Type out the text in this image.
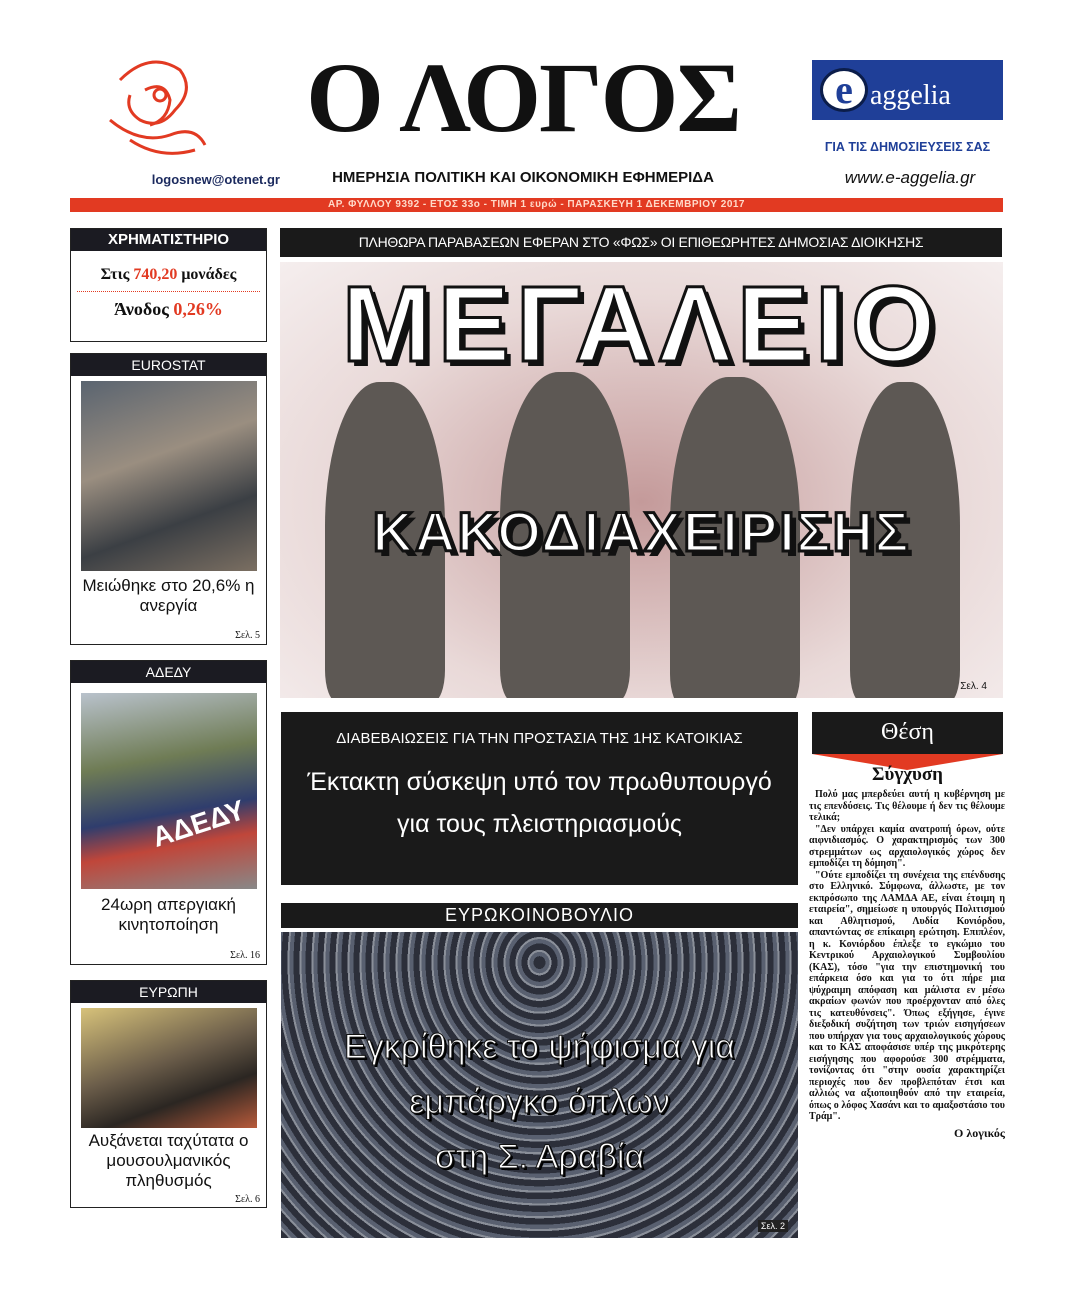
logosnew@otenet.gr
Ο ΛΟΓΟΣ
ΗΜΕΡΗΣΙΑ ΠΟΛΙΤΙΚΗ ΚΑΙ ΟΙΚΟΝΟΜΙΚΗ ΕΦΗΜΕΡΙΔΑ
e aggelia
ΓΙΑ ΤΙΣ ΔΗΜΟΣΙΕΥΣΕΙΣ ΣΑΣ
www.e-aggelia.gr
ΑΡ. ΦΥΛΛΟΥ 9392 - ΕΤΟΣ 33ο - ΤΙΜΗ 1 ευρώ - ΠΑΡΑΣΚΕΥΗ 1 ΔΕΚΕΜΒΡΙΟΥ 2017
ΧΡΗΜΑΤΙΣΤΗΡΙΟ
Στις 740,20 μονάδες
Άνοδος 0,26%
EUROSTAT
Μειώθηκε στο 20,6% η ανεργία
Σελ. 5
ΑΔΕΔΥ
ΑΔΕΔΥ
24ωρη απεργιακή κινητοποίηση
Σελ. 16
ΕΥΡΩΠΗ
Αυξάνεται ταχύτατα ο μουσουλμανικός πληθυσμός
Σελ. 6
ΠΛΗΘΩΡΑ ΠΑΡΑΒΑΣΕΩΝ ΕΦΕΡΑΝ ΣΤΟ «ΦΩΣ» ΟΙ ΕΠΙΘΕΩΡΗΤΕΣ ΔΗΜΟΣΙΑΣ ΔΙΟΙΚΗΣΗΣ
ΜΕΓΑΛΕΙΟ
ΚΑΚΟΔΙΑΧΕΙΡΙΣΗΣ
Σελ. 4
ΔΙΑΒΕΒΑΙΩΣΕΙΣ ΓΙΑ ΤΗΝ ΠΡΟΣΤΑΣΙΑ ΤΗΣ 1ΗΣ ΚΑΤΟΙΚΙΑΣ
Έκτακτη σύσκεψη υπό τον πρωθυπουργό
για τους πλειστηριασμούς
ΕΥΡΩΚΟΙΝΟΒΟΥΛΙΟ
Εγκρίθηκε το ψήφισμα για
εμπάργκο όπλων
στη Σ. Αραβία
Σελ. 2
Θέση
Σύγχυση

Πολύ μας μπερδεύει αυτή η κυβέρνηση με τις επενδύσεις. Τις θέλουμε ή δεν τις θέλουμε τελικά;

"Δεν υπάρχει καμία ανατροπή όρων, ούτε αιφνιδιασμός. Ο χαρακτηρισμός των 300 στρεμμάτων ως αρχαιολογικός χώρος δεν εμποδίζει τη δόμηση".

"Ούτε εμποδίζει τη συνέχεια της επένδυσης στο Ελληνικό. Σύμφωνα, άλλωστε, με τον εκπρόσωπο της ΛΑΜΔΑ ΑΕ, είναι έτοιμη η εταιρεία", σημείωσε η υπουργός Πολιτισμού και Αθλητισμού, Λυδία Κονιόρδου, απαντώντας σε επίκαιρη ερώτηση. Επιπλέον, η κ. Κονιόρδου έπλεξε το εγκώμιο του Κεντρικού Αρχαιολογικού Συμβουλίου (ΚΑΣ), τόσο "για την επιστημονική του επάρκεια όσο και για το ότι πήρε μια ψύχραιμη απόφαση και μάλιστα εν μέσω ακραίων φωνών που προέρχονταν από όλες τις κατευθύνσεις". Όπως εξήγησε, έγινε διεξοδική συζήτηση των τριών εισηγήσεων που υπήρχαν για τους αρχαιολογικούς χώρους και το ΚΑΣ αποφάσισε υπέρ της μικρότερης εισήγησης που αφορούσε 300 στρέμματα, τονίζοντας ότι "στην ουσία χαρακτηρίζει περιοχές που δεν προβλεπόταν έτσι και αλλιώς να αξιοποιηθούν από την εταιρεία, όπως ο λόφος Χασάνι και το αμαξοστάσιο του Τράμ".

Ο λογικός
